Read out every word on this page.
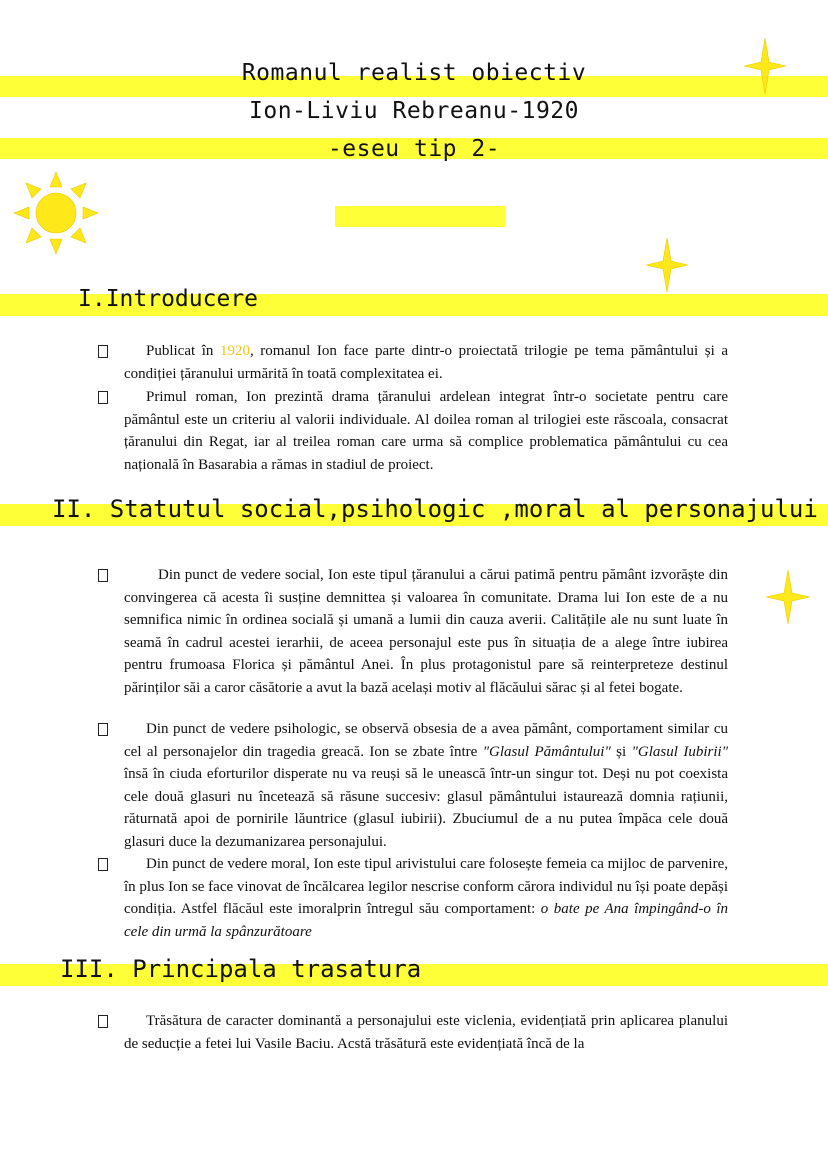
Romanul realist obiectiv
Ion-Liviu Rebreanu-1920
-eseu tip 2-
I.Introducere
Publicat în 1920, romanul Ion face parte dintr-o proiectată trilogie pe tema pământului și a condiției țăranului urmărită în toată complexitatea ei.
Primul roman, Ion prezintă drama țăranului ardelean integrat într-o societate pentru care pământul este un criteriu al valorii individuale. Al doilea roman al trilogiei este răscoala, consacrat țăranului din Regat, iar al treilea roman care urma să complice problematica pământului cu cea națională în Basarabia a rămas in stadiul de proiect.
II. Statutul social,psihologic ,moral al personajului
Din punct de vedere social, Ion este tipul țăranului a cărui patimă pentru pământ izvorăște din convingerea că acesta îi susține demnittea și valoarea în comunitate. Drama lui Ion este de a nu semnifica nimic în ordinea socială și umană a lumii din cauza averii. Calitățile ale nu sunt luate în seamă în cadrul acestei ierarhii, de aceea personajul este pus în situația de a alege între iubirea pentru frumoasa Florica și pământul Anei. În plus protagonistul pare să reinterpreteze destinul părinților săi a caror căsătorie a avut la bază același motiv al flăcăului sărac și al fetei bogate.
Din punct de vedere psihologic, se observă obsesia de a avea pământ, comportament similar cu cel al personajelor din tragedia greacă. Ion se zbate între "Glasul Pământului" și "Glasul Iubirii" însă în ciuda eforturilor disperate nu va reuși să le unească într-un singur tot. Deși nu pot coexista cele două glasuri nu încetează să răsune succesiv: glasul pământului istaurează domnia rațiunii, răturnată apoi de pornirile lăuntrice (glasul iubirii). Zbuciumul de a nu putea împăca cele două glasuri duce la dezumanizarea personajului.
Din punct de vedere moral, Ion este tipul arivistului care folosește femeia ca mijloc de parvenire, în plus Ion se face vinovat de încălcarea legilor nescrise conform cărora individul nu își poate depăși condiția. Astfel flăcăul este imoralprin întregul său comportament: o bate pe Ana împingând-o în cele din urmă la spânzurătoare
III. Principala trasatura
Trăsătura de caracter dominantă a personajului este viclenia, evidențiată prin aplicarea planului de seducție a fetei lui Vasile Baciu. Acstă trăsătură este evidențiată încă de la
